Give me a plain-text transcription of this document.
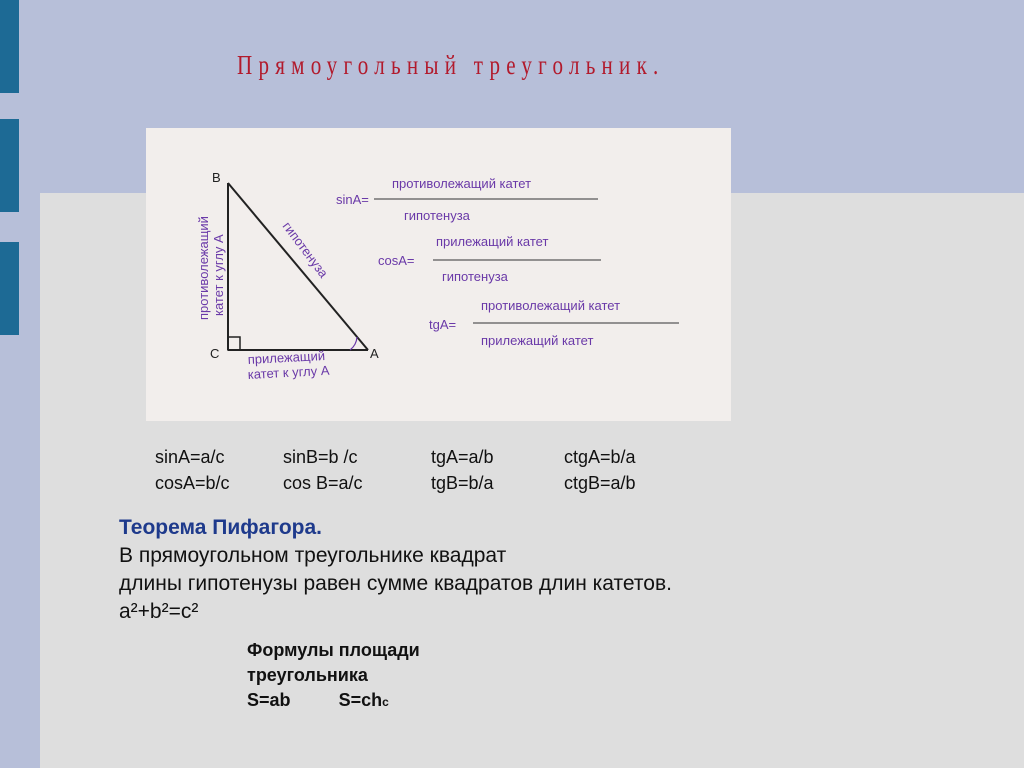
Прямоугольный треугольник.
B
C	A
гипотенуза
противолежащий катет к углу A
прилежащий
катет к углу A
sinA=
противолежащий катет
гипотенуза
cosA=
прилежащий катет
гипотенуза
tgA=
противолежащий катет
прилежащий катет
sinA=a/c	sinB=b /c	tgA=a/b	ctgA=b/a
cosA=b/c	cos B=a/c	tgB=b/a	ctgB=a/b
Теорема Пифагора.
В прямоугольном треугольнике квадрат
длины гипотенузы равен сумме квадратов длин катетов.
a²+b²=c²
Формулы площади
треугольника
S=ab	S=chc
